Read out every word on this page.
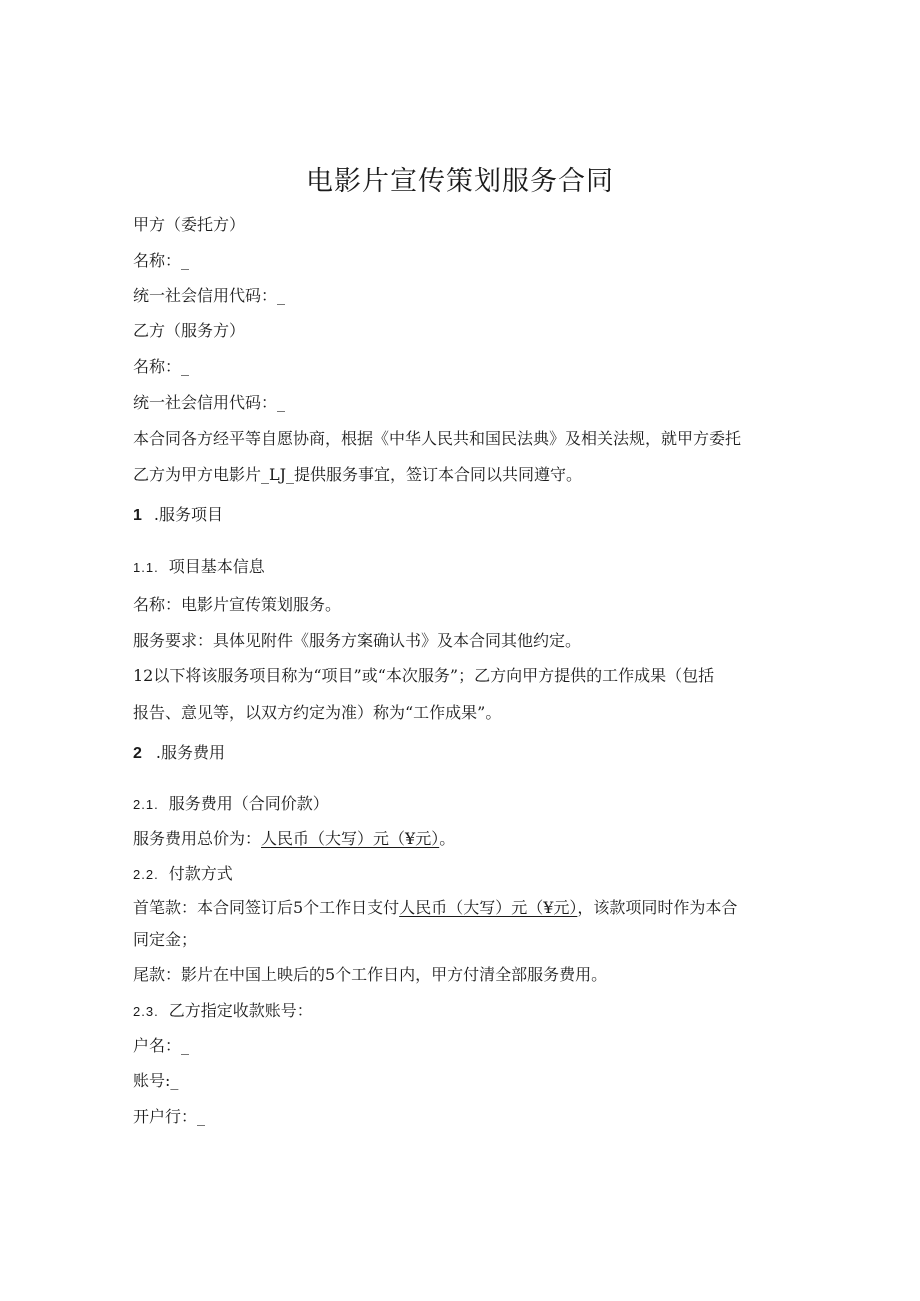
电影片宣传策划服务合同
甲方（委托方）
名称：_
统一社会信用代码：_
乙方（服务方）
名称：_
统一社会信用代码：_
本合同各方经平等自愿协商，根据《中华人民共和国民法典》及相关法规，就甲方委托
乙方为甲方电影片_LJ_提供服务事宜，签订本合同以共同遵守。
1 .服务项目
1.1. 项目基本信息
名称：电影片宣传策划服务。
服务要求：具体见附件《服务方案确认书》及本合同其他约定。
12以下将该服务项目称为“项目”或“本次服务”；乙方向甲方提供的工作成果（包括
报告、意见等，以双方约定为准）称为“工作成果”。
2 .服务费用
2.1. 服务费用（合同价款）
服务费用总价为：人民币（大写）元（¥元）。
2.2. 付款方式
首笔款：本合同签订后5个工作日支付人民币（大写）元（¥元），该款项同时作为本合
同定金；
尾款：影片在中国上映后的5个工作日内，甲方付清全部服务费用。
2.3. 乙方指定收款账号：
户名：_
账号:_
开户行：_
